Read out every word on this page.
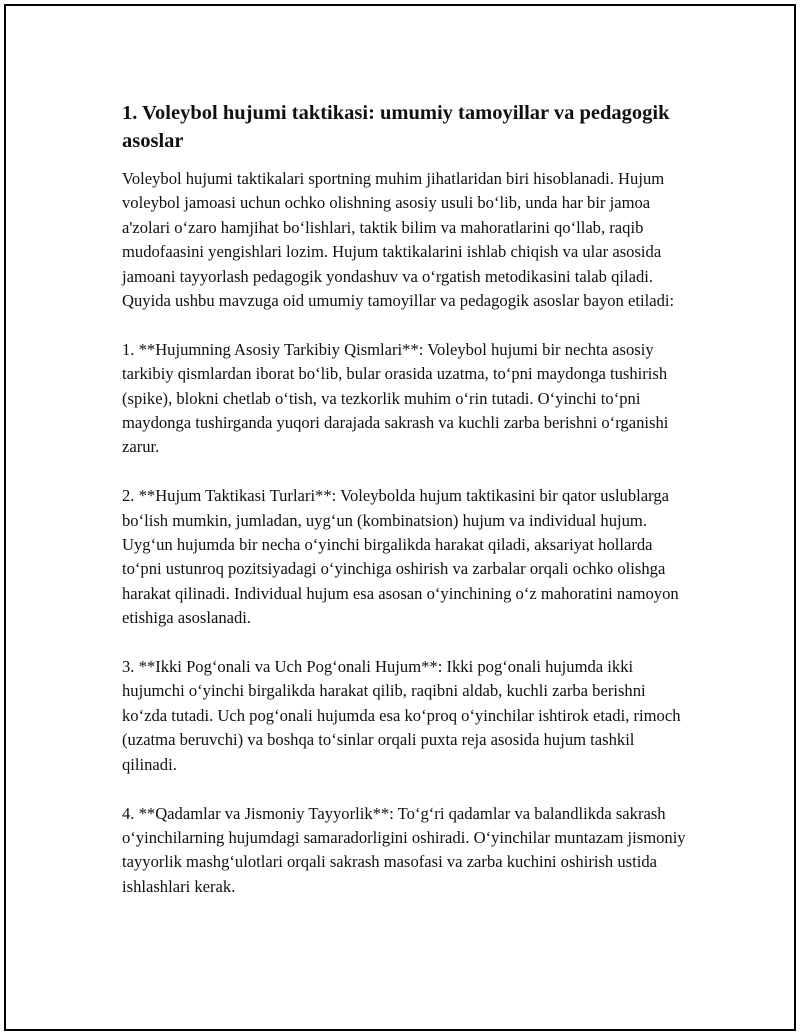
1. Voleybol hujumi taktikasi: umumiy tamoyillar va pedagogik asoslar

Voleybol hujumi taktikalari sportning muhim jihatlaridan biri hisoblanadi. Hujum voleybol jamoasi uchun ochko olishning asosiy usuli bo‘lib, unda har bir jamoa a'zolari o‘zaro hamjihat bo‘lishlari, taktik bilim va mahoratlarini qo‘llab, raqib mudofaasini yengishlari lozim. Hujum taktikalarini ishlab chiqish va ular asosida jamoani tayyorlash pedagogik yondashuv va o‘rgatish metodikasini talab qiladi. Quyida ushbu mavzuga oid umumiy tamoyillar va pedagogik asoslar bayon etiladi:

1. **Hujumning Asosiy Tarkibiy Qismlari**: Voleybol hujumi bir nechta asosiy tarkibiy qismlardan iborat bo‘lib, bular orasida uzatma, to‘pni maydonga tushirish (spike), blokni chetlab o‘tish, va tezkorlik muhim o‘rin tutadi. O‘yinchi to‘pni maydonga tushirganda yuqori darajada sakrash va kuchli zarba berishni o‘rganishi zarur.

2. **Hujum Taktikasi Turlari**: Voleybolda hujum taktikasini bir qator uslublarga bo‘lish mumkin, jumladan, uyg‘un (kombinatsion) hujum va individual hujum. Uyg‘un hujumda bir necha o‘yinchi birgalikda harakat qiladi, aksariyat hollarda to‘pni ustunroq pozitsiyadagi o‘yinchiga oshirish va zarbalar orqali ochko olishga harakat qilinadi. Individual hujum esa asosan o‘yinchining o‘z mahoratini namoyon etishiga asoslanadi.

3. **Ikki Pog‘onali va Uch Pog‘onali Hujum**: Ikki pog‘onali hujumda ikki hujumchi o‘yinchi birgalikda harakat qilib, raqibni aldab, kuchli zarba berishni ko‘zda tutadi. Uch pog‘onali hujumda esa ko‘proq o‘yinchilar ishtirok etadi, rimoch (uzatma beruvchi) va boshqa to‘sinlar orqali puxta reja asosida hujum tashkil qilinadi.

4. **Qadamlar va Jismoniy Tayyorlik**: To‘g‘ri qadamlar va balandlikda sakrash o‘yinchilarning hujumdagi samaradorligini oshiradi. O‘yinchilar muntazam jismoniy tayyorlik mashg‘ulotlari orqali sakrash masofasi va zarba kuchini oshirish ustida ishlashlari kerak.
